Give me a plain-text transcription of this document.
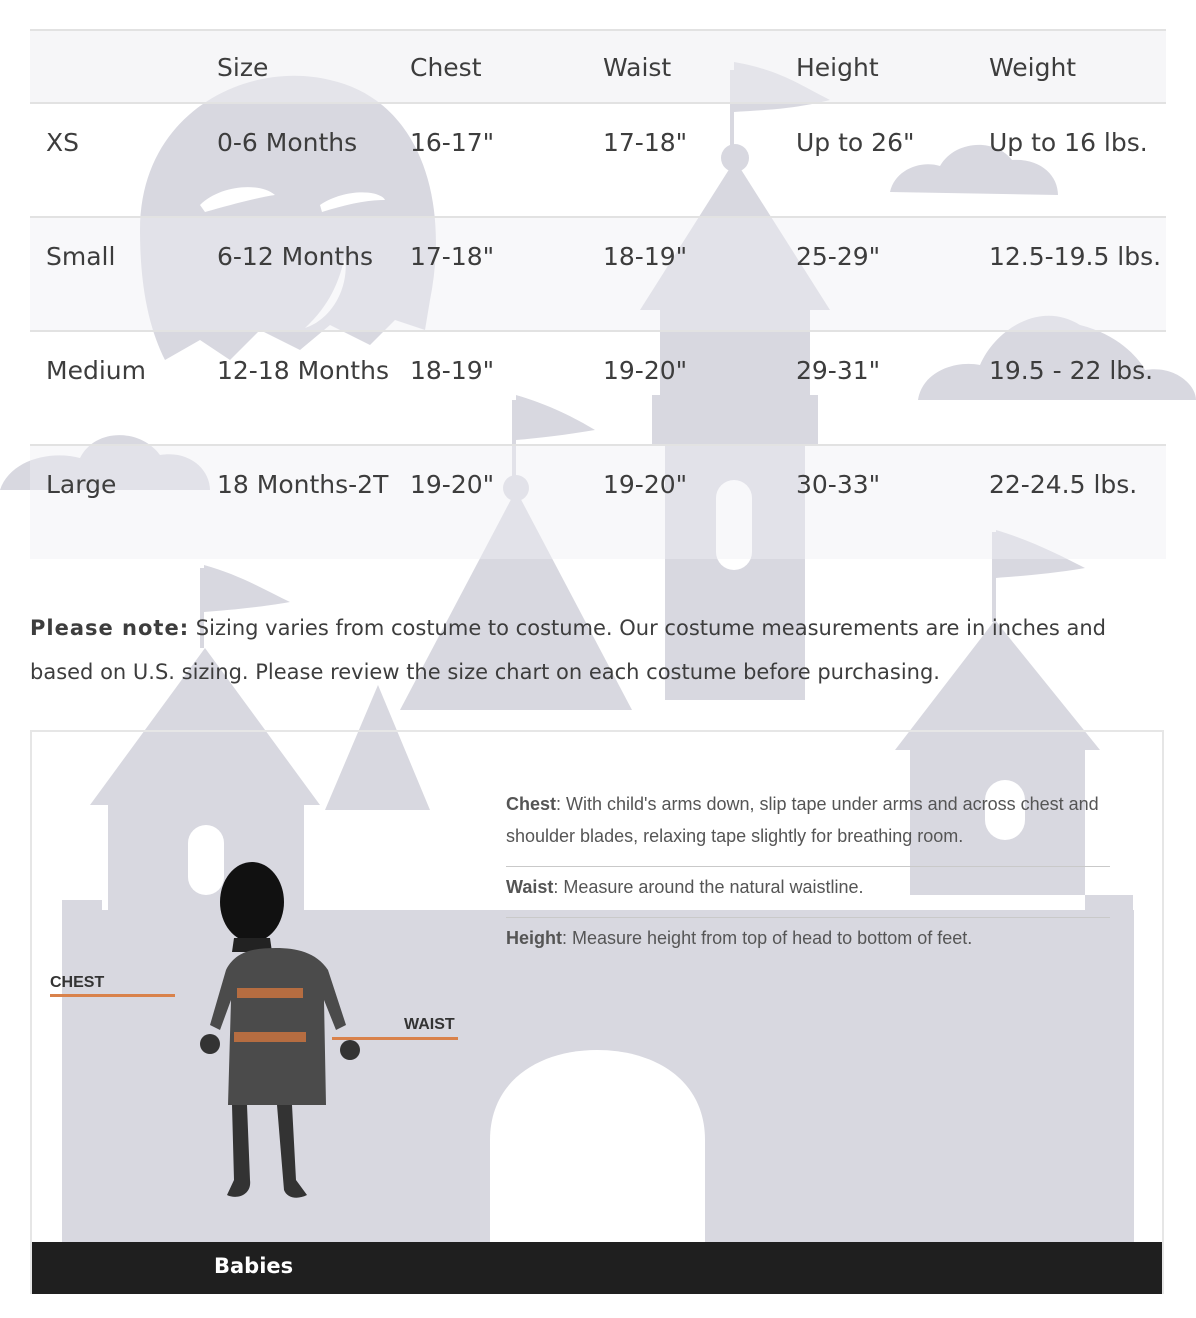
	Size	Chest	Waist	Height	Weight
XS	0-6 Months	16-17"	17-18"	Up to 26"	Up to 16 lbs.
Small	6-12 Months	17-18"	18-19"	25-29"	12.5-19.5 lbs.
Medium	12-18 Months	18-19"	19-20"	29-31"	19.5 - 22 lbs.
Large	18 Months-2T	19-20"	19-20"	30-33"	22-24.5 lbs.

Please note: Sizing varies from costume to costume. Our costume measurements are in inches and based on U.S. sizing. Please review the size chart on each costume before purchasing.

CHEST
WAIST
Chest: With child's arms down, slip tape under arms and across chest and shoulder blades, relaxing tape slightly for breathing room.
Waist: Measure around the natural waistline.
Height: Measure height from top of head to bottom of feet.
Babies
